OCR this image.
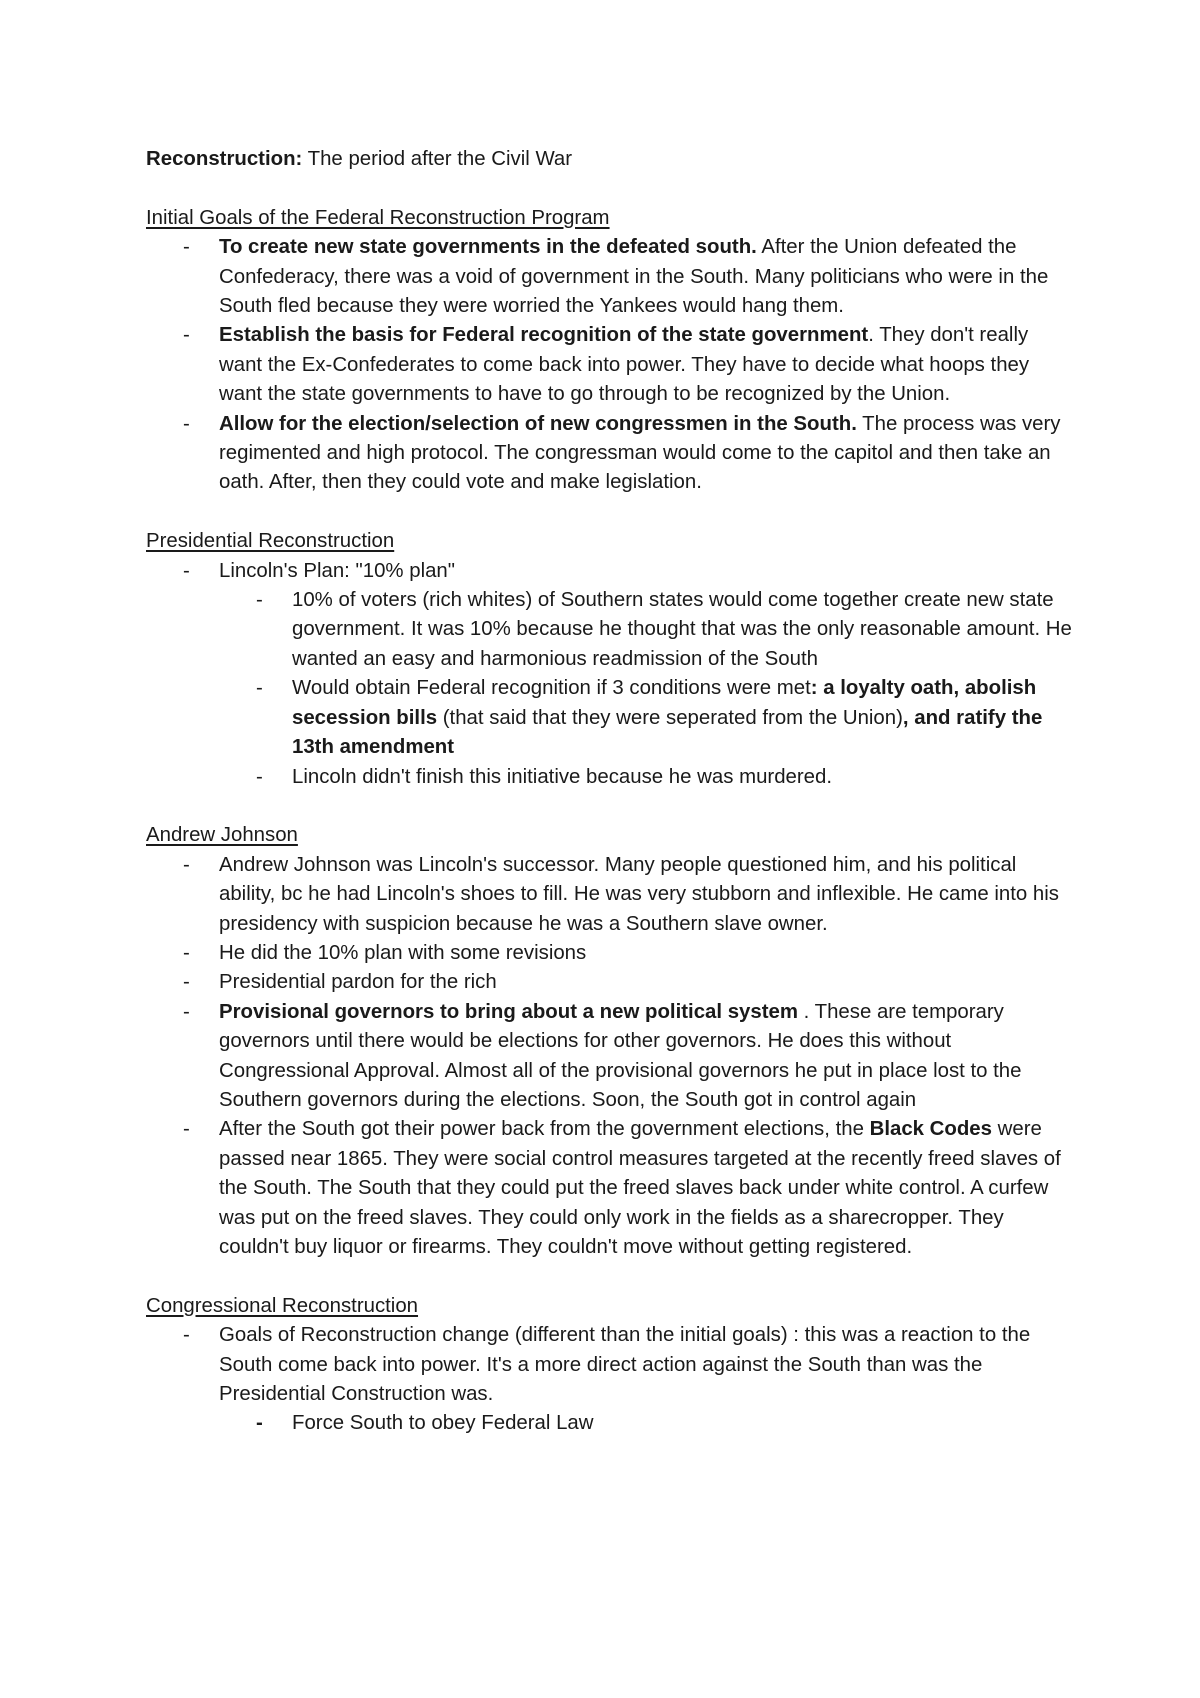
Reconstruction: The period after the Civil War

Initial Goals of the Federal Reconstruction Program

-	To create new state governments in the defeated south. After the Union defeated the Confederacy, there was a void of government in the South. Many politicians who were in the South fled because they were worried the Yankees would hang them.
-	Establish the basis for Federal recognition of the state government. They don't really want the Ex-Confederates to come back into power. They have to decide what hoops they want the state governments to have to go through to be recognized by the Union.
-	Allow for the election/selection of new congressmen in the South. The process was very regimented and high protocol. The congressman would come to the capitol and then take an oath. After, then they could vote and make legislation.

Presidential Reconstruction

-	Lincoln's Plan: "10% plan"
-	10% of voters (rich whites) of Southern states would come together create new state government. It was 10% because he thought that was the only reasonable amount. He wanted an easy and harmonious readmission of the South
-	Would obtain Federal recognition if 3 conditions were met: a loyalty oath, abolish secession bills (that said that they were seperated from the Union), and ratify the 13th amendment
-	Lincoln didn't finish this initiative because he was murdered.

Andrew Johnson

-	Andrew Johnson was Lincoln's successor. Many people questioned him, and his political ability, bc he had Lincoln's shoes to fill. He was very stubborn and inflexible. He came into his presidency with suspicion because he was a Southern slave owner.
-	He did the 10% plan with some revisions
-	Presidential pardon for the rich
-	Provisional governors to bring about a new political system . These are temporary governors until there would be elections for other governors. He does this without Congressional Approval. Almost all of the provisional governors he put in place lost to the Southern governors during the elections. Soon, the South got in control again
-	After the South got their power back from the government elections, the Black Codes were passed near 1865. They were social control measures targeted at the recently freed slaves of the South. The South that they could put the freed slaves back under white control. A curfew was put on the freed slaves. They could only work in the fields as a sharecropper. They couldn't buy liquor or firearms. They couldn't move without getting registered.

Congressional Reconstruction

-	Goals of Reconstruction change (different than the initial goals) : this was a reaction to the South come back into power. It's a more direct action against the South than was the Presidential Construction was.
-	Force South to obey Federal Law
